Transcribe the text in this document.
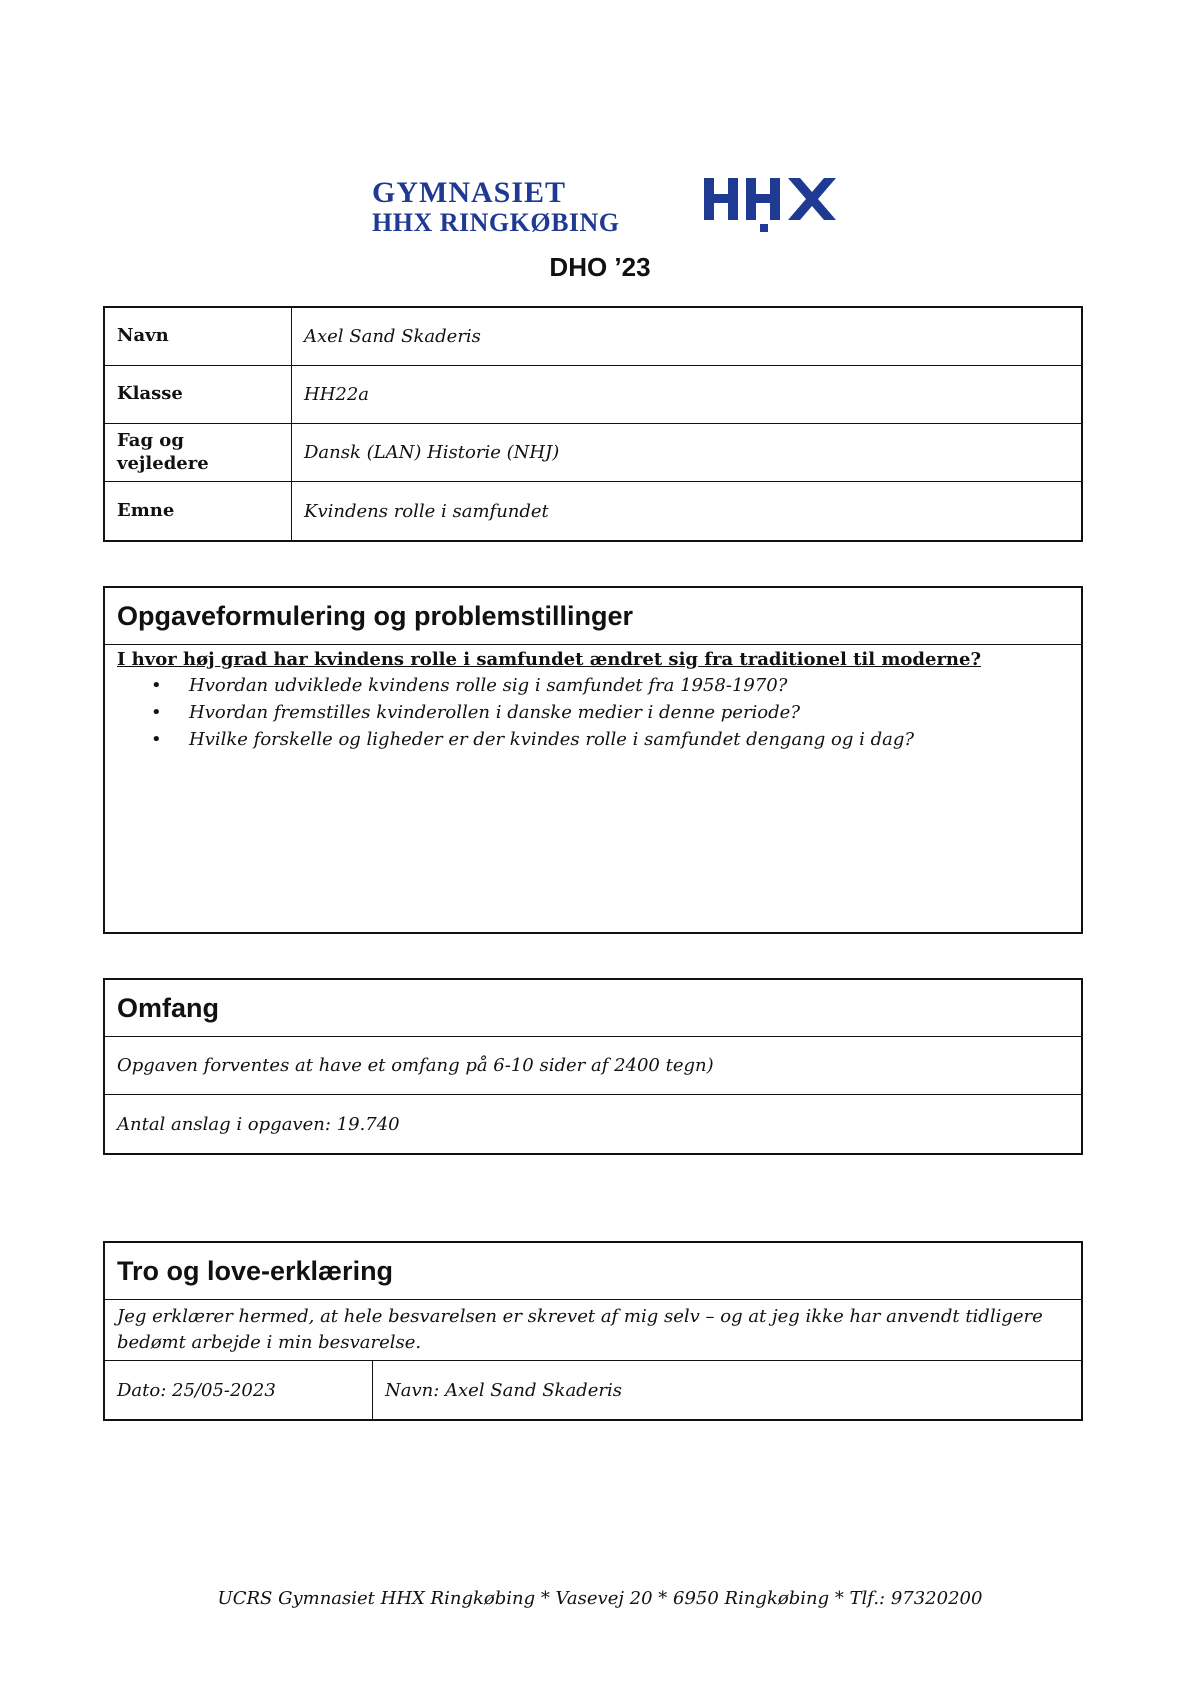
GYMNASIET
HHX RINGKØBING
DHO ’23
Navn	Axel Sand Skaderis
Klasse	HH22a
Fag og vejledere	Dansk (LAN) Historie (NHJ)
Emne	Kvindens rolle i samfundet
Opgaveformulering og problemstillinger

I hvor høj grad har kvindens rolle i samfundet ændret sig fra traditionel til moderne?

• Hvordan udviklede kvindens rolle sig i samfundet fra 1958-1970?
• Hvordan fremstilles kvinderollen i danske medier i denne periode?
• Hvilke forskelle og ligheder er der kvindes rolle i samfundet dengang og i dag?
Omfang
Opgaven forventes at have et omfang på 6-10 sider af 2400 tegn)
Antal anslag i opgaven: 19.740
Tro og love-erklæring
Jeg erklærer hermed, at hele besvarelsen er skrevet af mig selv – og at jeg ikke har anvendt tidligere bedømt arbejde i min besvarelse.
Dato: 25/05-2023	Navn: Axel Sand Skaderis
UCRS Gymnasiet HHX Ringkøbing * Vasevej 20 * 6950 Ringkøbing * Tlf.: 97320200
